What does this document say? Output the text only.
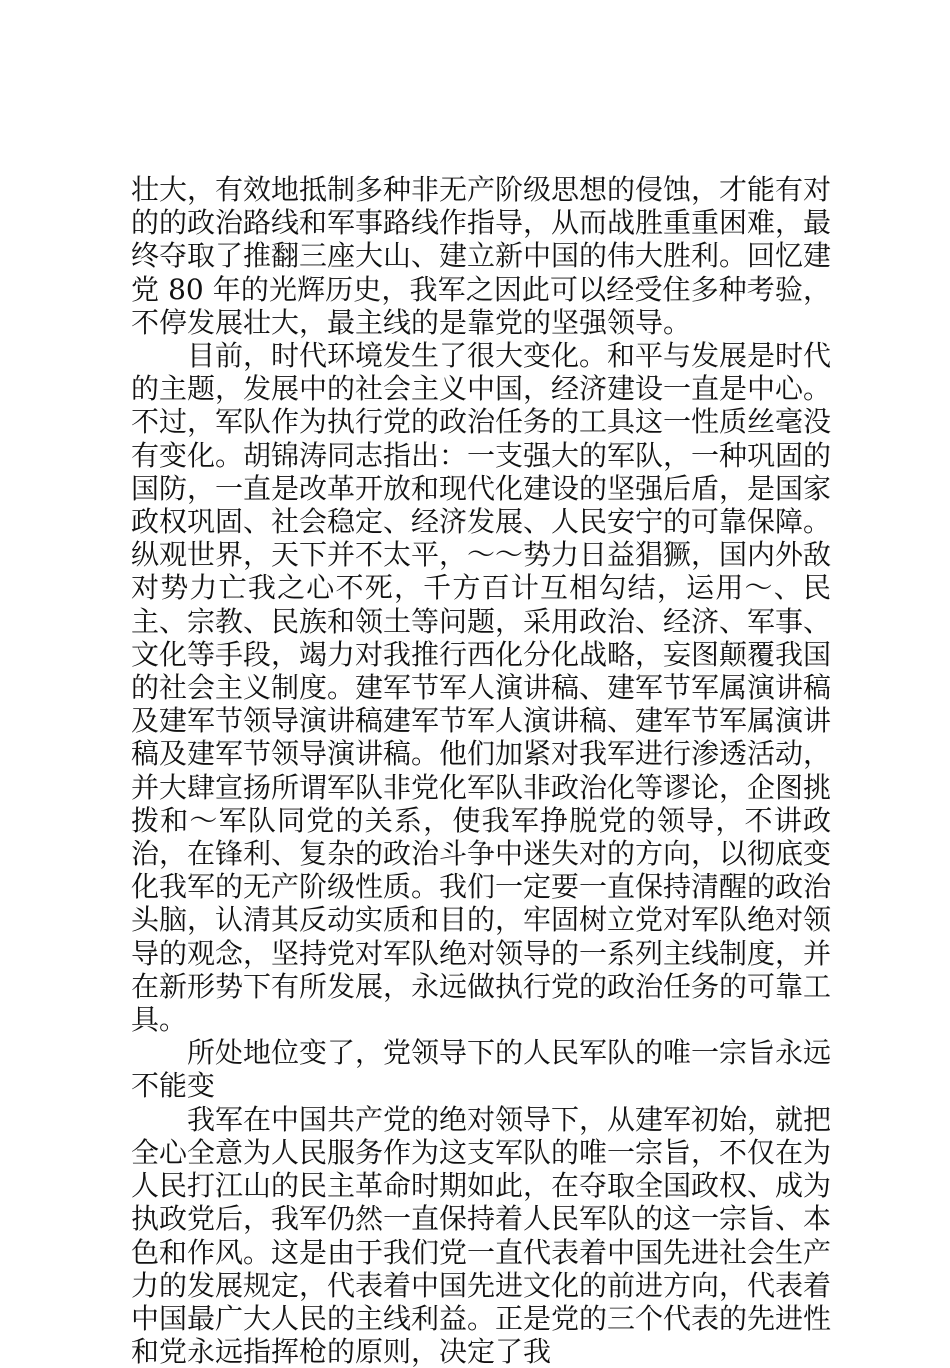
壮大，有效地抵制多种非无产阶级思想的侵蚀，才能有对的的政治路线和军事路线作指导，从而战胜重重困难，最终夺取了推翻三座大山、建立新中国的伟大胜利。回忆建党 80 年的光辉历史，我军之因此可以经受住多种考验，不停发展壮大，最主线的是靠党的坚强领导。

目前，时代环境发生了很大变化。和平与发展是时代的主题，发展中的社会主义中国，经济建设一直是中心。不过，军队作为执行党的政治任务的工具这一性质丝毫没有变化。胡锦涛同志指出：一支强大的军队，一种巩固的国防，一直是改革开放和现代化建设的坚强后盾，是国家政权巩固、社会稳定、经济发展、人民安宁的可靠保障。纵观世界，天下并不太平，～～势力日益猖獗，国内外敌对势力亡我之心不死，千方百计互相勾结，运用～、民主、宗教、民族和领土等问题，采用政治、经济、军事、文化等手段，竭力对我推行西化分化战略，妄图颠覆我国的社会主义制度。建军节军人演讲稿、建军节军属演讲稿及建军节领导演讲稿建军节军人演讲稿、建军节军属演讲稿及建军节领导演讲稿。他们加紧对我军进行渗透活动，并大肆宣扬所谓军队非党化军队非政治化等谬论，企图挑拨和～军队同党的关系，使我军挣脱党的领导，不讲政治，在锋利、复杂的政治斗争中迷失对的方向，以彻底变化我军的无产阶级性质。我们一定要一直保持清醒的政治头脑，认清其反动实质和目的，牢固树立党对军队绝对领导的观念，坚持党对军队绝对领导的一系列主线制度，并在新形势下有所发展，永远做执行党的政治任务的可靠工具。

所处地位变了，党领导下的人民军队的唯一宗旨永远不能变

我军在中国共产党的绝对领导下，从建军初始，就把全心全意为人民服务作为这支军队的唯一宗旨，不仅在为人民打江山的民主革命时期如此，在夺取全国政权、成为执政党后，我军仍然一直保持着人民军队的这一宗旨、本色和作风。这是由于我们党一直代表着中国先进社会生产力的发展规定，代表着中国先进文化的前进方向，代表着中国最广大人民的主线利益。正是党的三个代表的先进性和党永远指挥枪的原则，决定了我
